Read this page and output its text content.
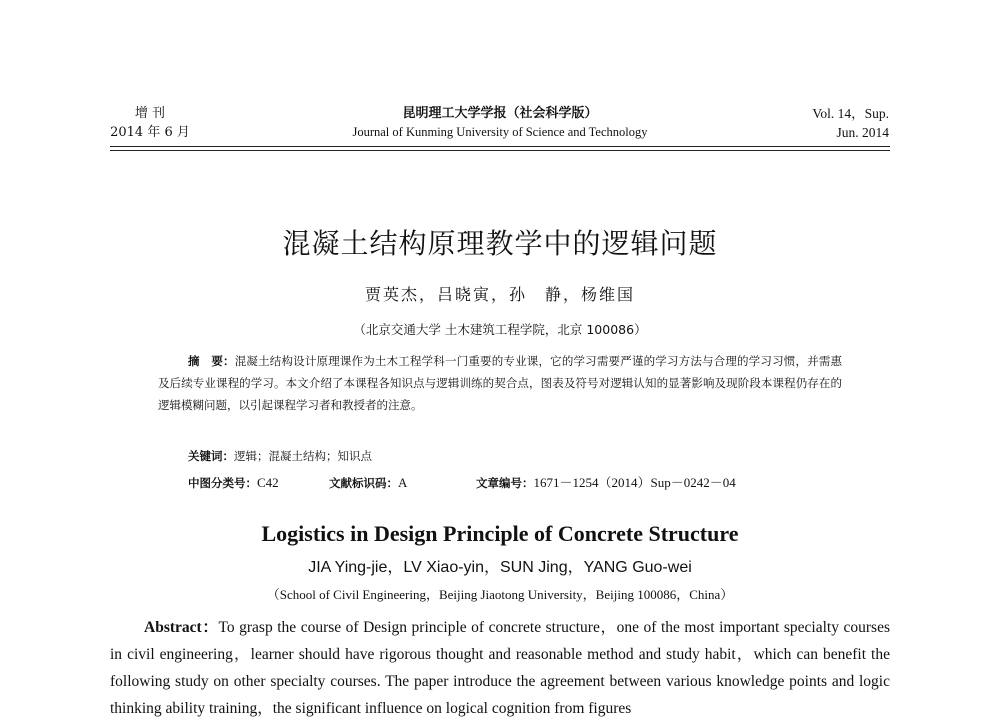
增 刊
2014 年 6 月
昆明理工大学学报（社会科学版）
Journal of Kunming University of Science and Technology
Vol. 14，Sup.
Jun. 2014
混凝土结构原理教学中的逻辑问题
贾英杰，吕晓寅，孙　静，杨维国
（北京交通大学 土木建筑工程学院，北京 100086）

摘　要：混凝土结构设计原理课作为土木工程学科一门重要的专业课，它的学习需要严谨的学习方法与合理的学习习惯，并需惠及后续专业课程的学习。本文介绍了本课程各知识点与逻辑训练的契合点，图表及符号对逻辑认知的显著影响及现阶段本课程仍存在的逻辑模糊问题，以引起课程学习者和教授者的注意。

关键词：逻辑；混凝土结构；知识点
中图分类号：C42	文献标识码：A	文章编号：1671－1254（2014）Sup－0242－04
Logistics in Design Principle of Concrete Structure
JIA Ying-jie，LV Xiao-yin，SUN Jing，YANG Guo-wei
（School of Civil Engineering，Beijing Jiaotong University，Beijing 100086，China）

Abstract：To grasp the course of Design principle of concrete structure，one of the most important specialty courses in civil engineering，learner should have rigorous thought and reasonable method and study habit，which can benefit the following study on other specialty courses. The paper introduce the agreement between various knowledge points and logic thinking ability training，the significant influence on logical cognition from figures
